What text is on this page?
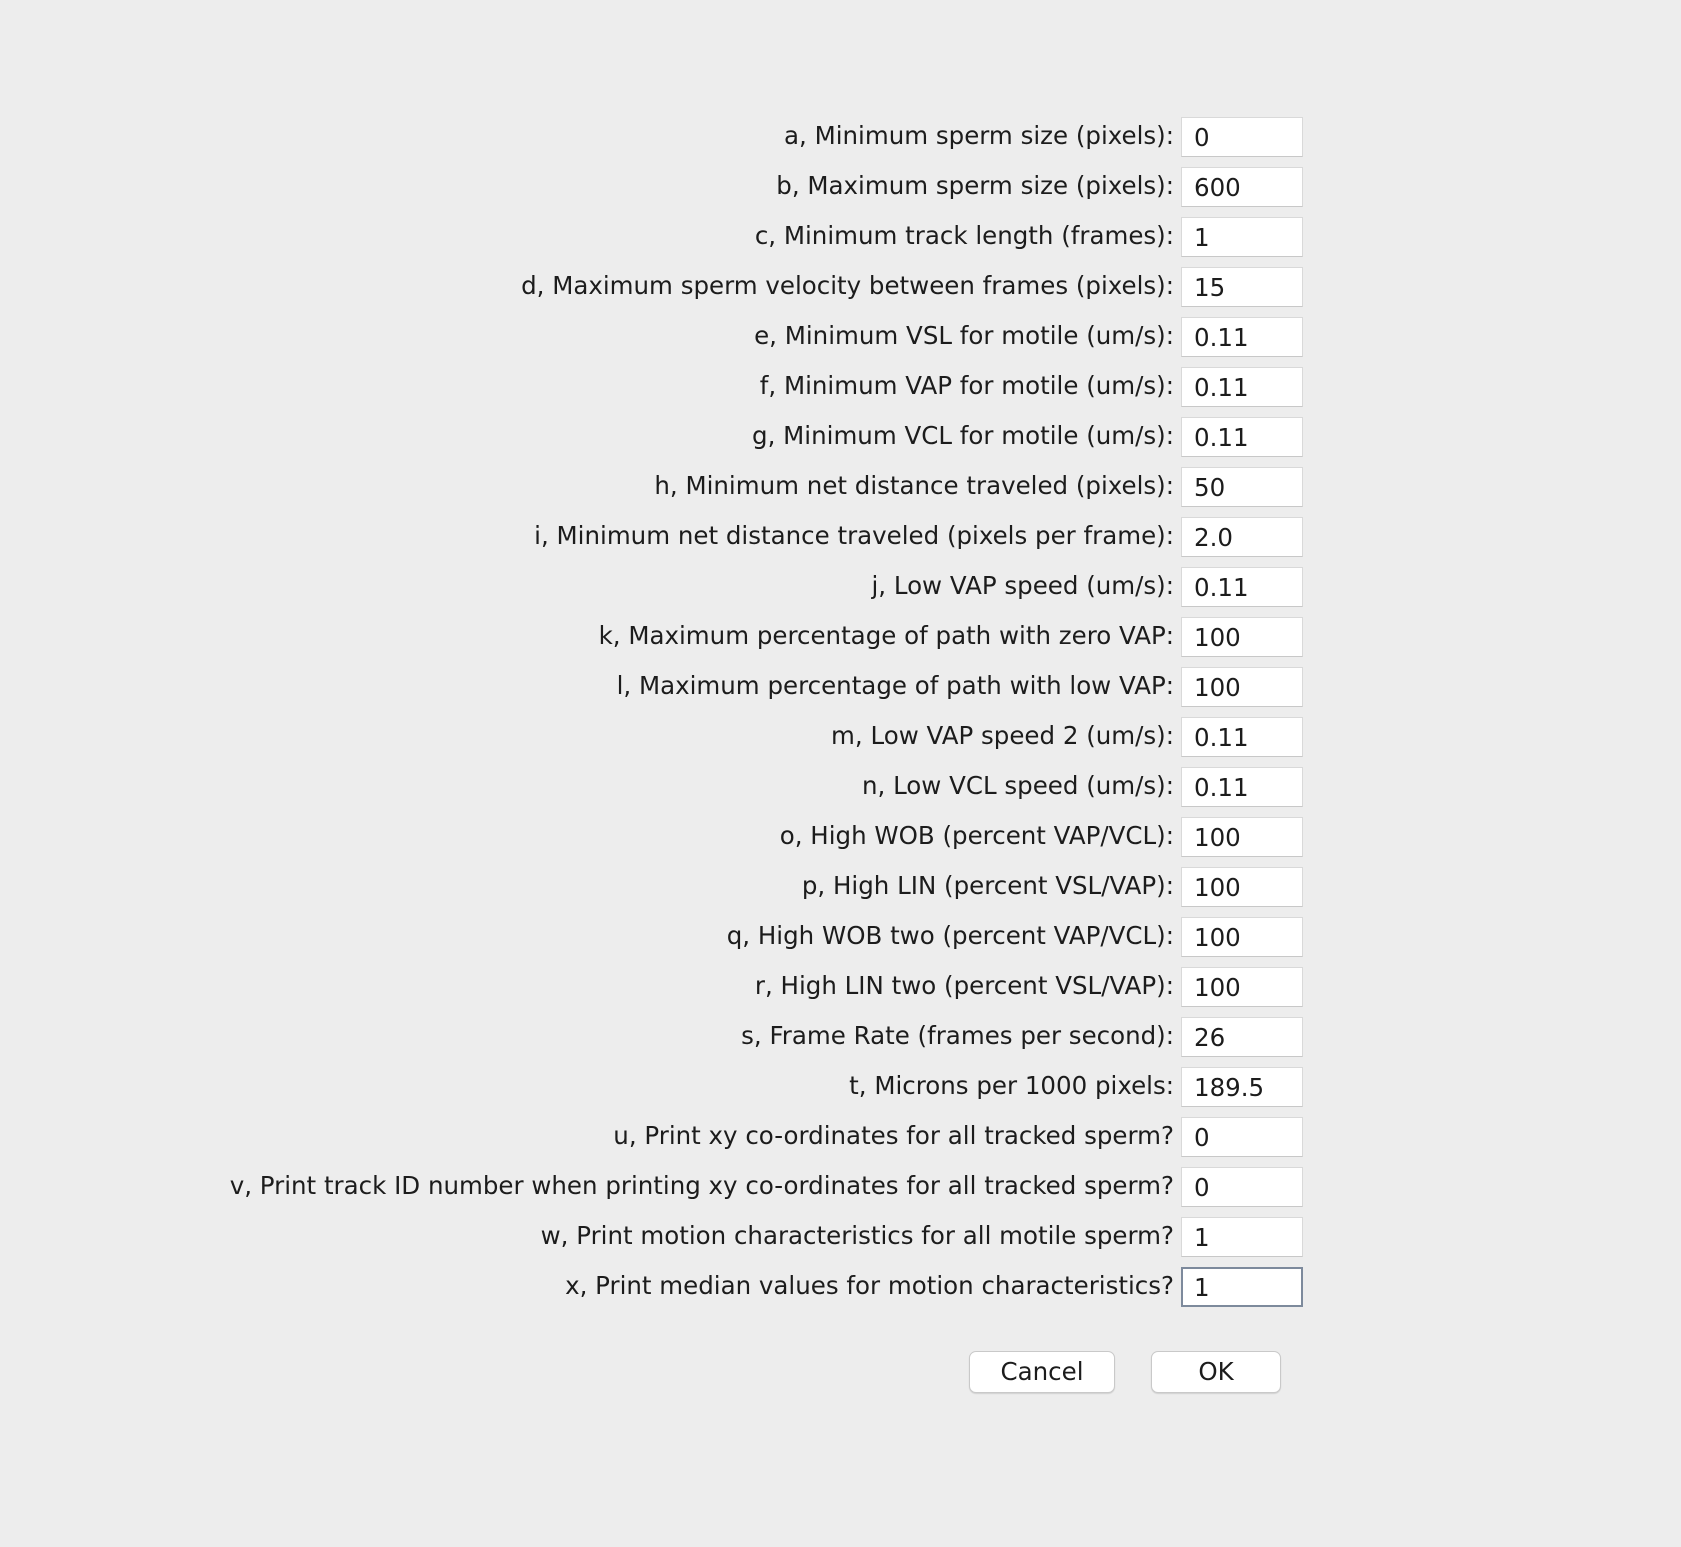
a, Minimum sperm size (pixels):
0
b, Maximum sperm size (pixels):
600
c, Minimum track length (frames):
1
d, Maximum sperm velocity between frames (pixels):
15
e, Minimum VSL for motile (um/s):
0.11
f, Minimum VAP for motile (um/s):
0.11
g, Minimum VCL for motile (um/s):
0.11
h, Minimum net distance traveled (pixels):
50
i, Minimum net distance traveled (pixels per frame):
2.0
j, Low VAP speed (um/s):
0.11
k, Maximum percentage of path with zero VAP:
100
l, Maximum percentage of path with low VAP:
100
m, Low VAP speed 2 (um/s):
0.11
n, Low VCL speed (um/s):
0.11
o, High WOB (percent VAP/VCL):
100
p, High LIN (percent VSL/VAP):
100
q, High WOB two (percent VAP/VCL):
100
r, High LIN two (percent VSL/VAP):
100
s, Frame Rate (frames per second):
26
t, Microns per 1000 pixels:
189.5
u, Print xy co-ordinates for all tracked sperm?
0
v, Print track ID number when printing xy co-ordinates for all tracked sperm?
0
w, Print motion characteristics for all motile sperm?
1
x, Print median values for motion characteristics?
1
Cancel	OK
